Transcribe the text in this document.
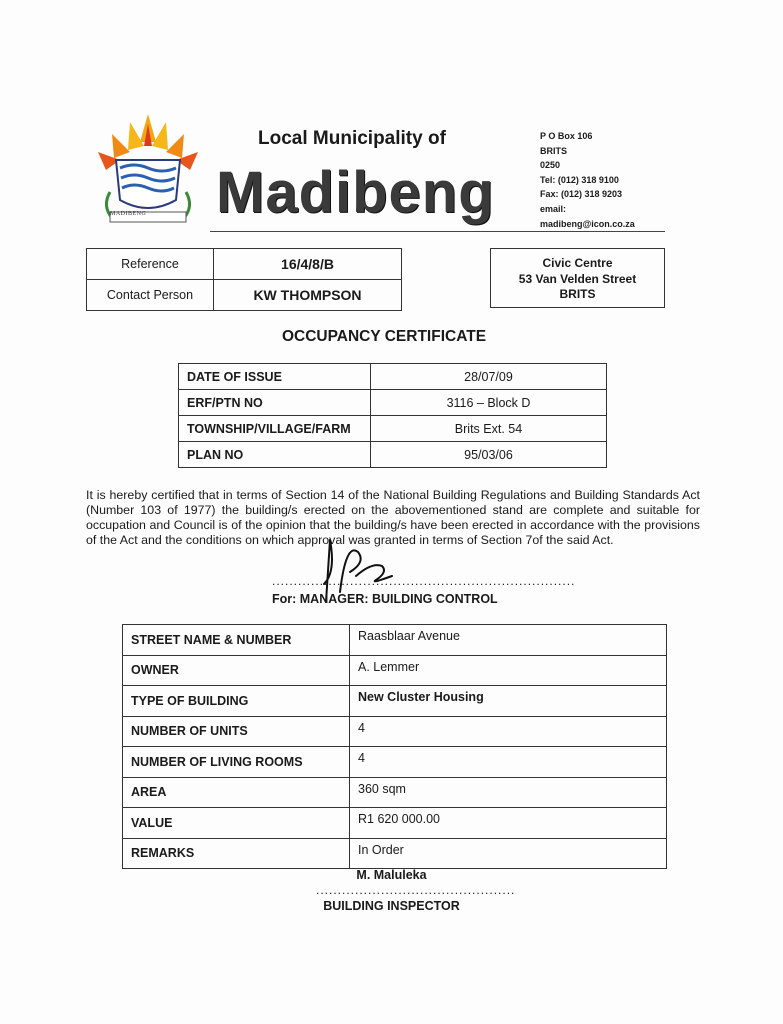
MADIBENG
Local Municipality of
Madibeng
P O Box 106
BRITS
0250
Tel: (012) 318 9100
Fax: (012) 318 9203
email:
madibeng@icon.co.za
Reference	16/4/8/B
Contact Person	KW THOMPSON
Civic Centre
53 Van Velden Street
BRITS
OCCUPANCY CERTIFICATE
DATE OF ISSUE	28/07/09
ERF/PTN NO	3116 – Block D
TOWNSHIP/VILLAGE/FARM	Brits Ext. 54
PLAN NO	95/03/06
It is hereby certified that in terms of Section 14 of the National Building Regulations and Building Standards Act (Number 103 of 1977) the building/s erected on the abovementioned stand are complete and suitable for occupation and Council is of the opinion that the building/s have been erected in accordance with the provisions of the Act and the conditions on which approval was granted in terms of Section 7of the said Act.
......................................................................
For: MANAGER: BUILDING CONTROL
STREET NAME & NUMBER	Raasblaar Avenue
OWNER	A. Lemmer
TYPE OF BUILDING	New Cluster Housing
NUMBER OF UNITS	4
NUMBER OF LIVING ROOMS	4
AREA	360 sqm
VALUE	R1 620 000.00
REMARKS	In Order
M. Maluleka
..............................................
BUILDING INSPECTOR
